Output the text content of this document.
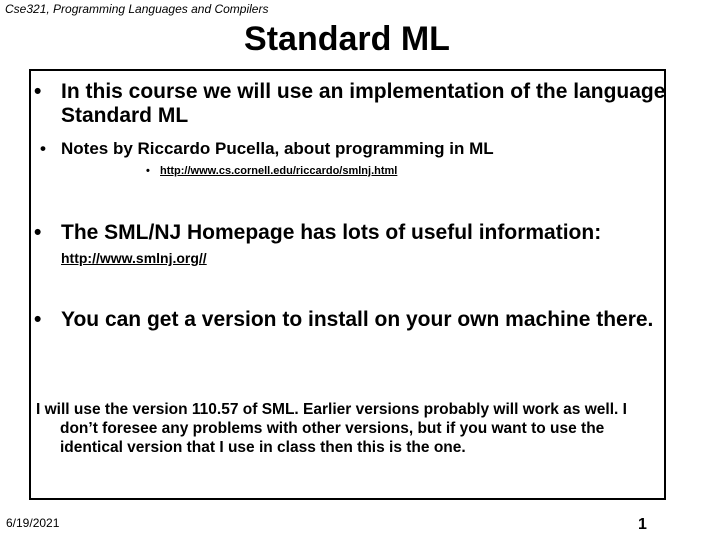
Cse321, Programming Languages and Compilers
Standard ML
• In this course we will use an implementation of the language Standard ML
• Notes by Riccardo Pucella, about programming in ML
• http://www.cs.cornell.edu/riccardo/smlnj.html
• The SML/NJ Homepage has lots of useful information: http://www.smlnj.org//
• You can get a version to install on your own machine there.
I will use the version 110.57 of SML. Earlier versions probably will work as well. I don’t foresee any problems with other versions, but if you want to use the identical version that I use in class then this is the one.
6/19/2021	1
